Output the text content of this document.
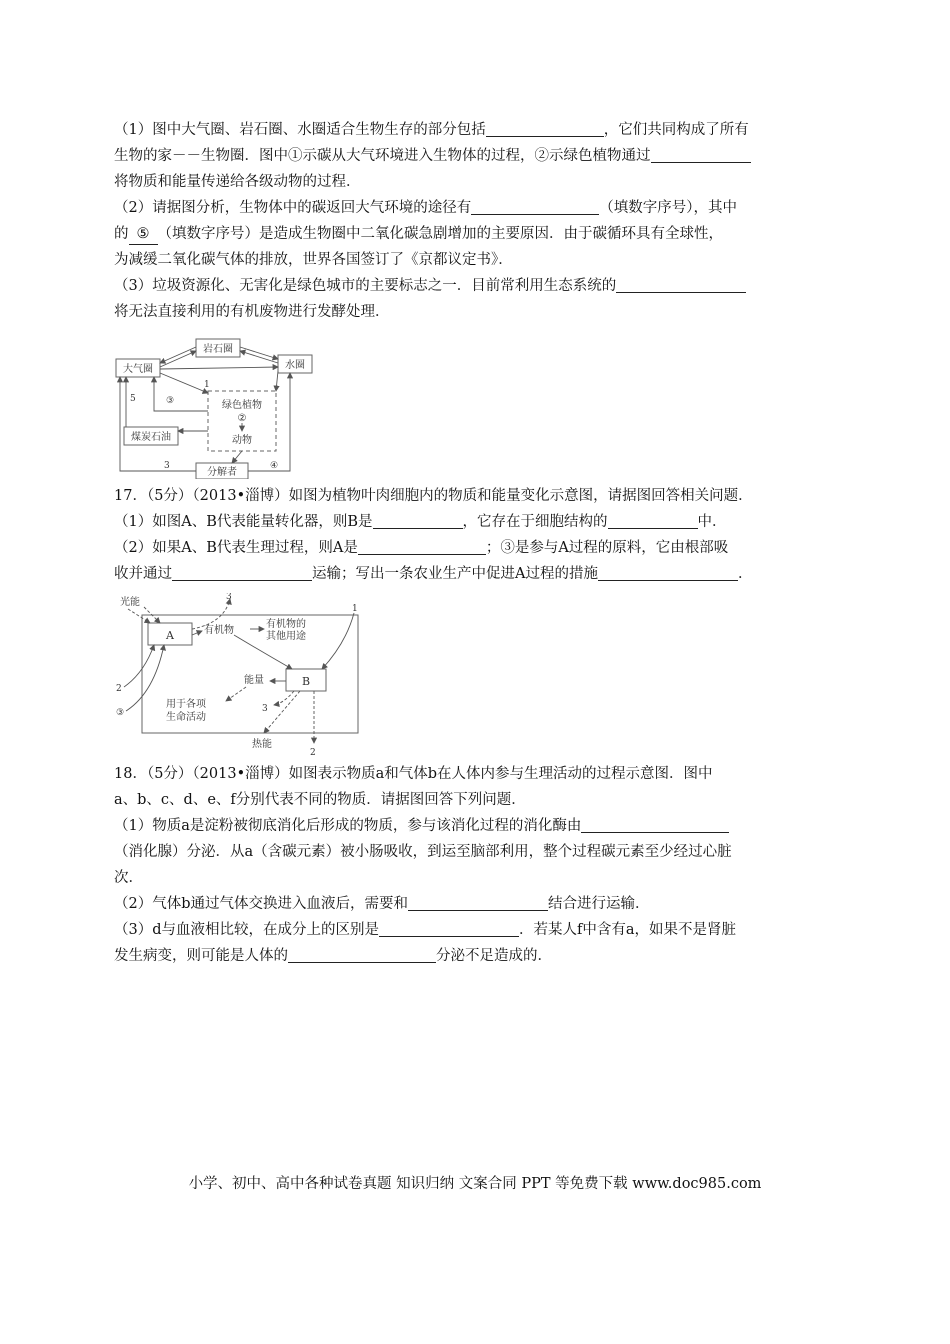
（1）图中大气圈、岩石圈、水圈适合生物生存的部分包括	，它们共同构成了所有
生物的家－－生物圈．图中①示碳从大气环境进入生物体的过程，②示绿色植物通过
将物质和能量传递给各级动物的过程．
（2）请据图分析，生物体中的碳返回大气环境的途径有	（填数字序号），其中
的 ⑤ （填数字序号）是造成生物圈中二氧化碳急剧增加的主要原因．由于碳循环具有全球性，
为减缓二氧化碳气体的排放，世界各国签订了《京都议定书》．
（3）垃圾资源化、无害化是绿色城市的主要标志之一．目前常利用生态系统的
将无法直接利用的有机废物进行发酵处理．
岩石圈
大气圈	水圈
绿色植物
②
动物
煤炭石油
分解者
1
③
5
3	④
17．（5分）（2013•淄博）如图为植物叶肉细胞内的物质和能量变化示意图，请据图回答相关问题．
（1）如图A、B代表能量转化器，则B是	，它存在于细胞结构的	中．
（2）如果A、B代表生理过程，则A是	；③是参与A过程的原料，它由根部吸
收并通过	运输；写出一条农业生产中促进A过程的措施	．
A
B
光能
有机物
有机物的
其他用途
能量
用于各项
生命活动
热能
3
1
2
③	3
2
18．（5分）（2013•淄博）如图表示物质a和气体b在人体内参与生理活动的过程示意图．图中
a、b、c、d、e、f分别代表不同的物质．请据图回答下列问题．
（1）物质a是淀粉被彻底消化后形成的物质，参与该消化过程的消化酶由
（消化腺）分泌．从a（含碳元素）被小肠吸收，到运至脑部利用，整个过程碳元素至少经过心脏
次．
（2）气体b通过气体交换进入血液后，需要和	结合进行运输．
（3）d与血液相比较，在成分上的区别是	．若某人f中含有a，如果不是肾脏
发生病变，则可能是人体的	分泌不足造成的．
小学、初中、高中各种试卷真题 知识归纳 文案合同 PPT 等免费下载 www.doc985.com
